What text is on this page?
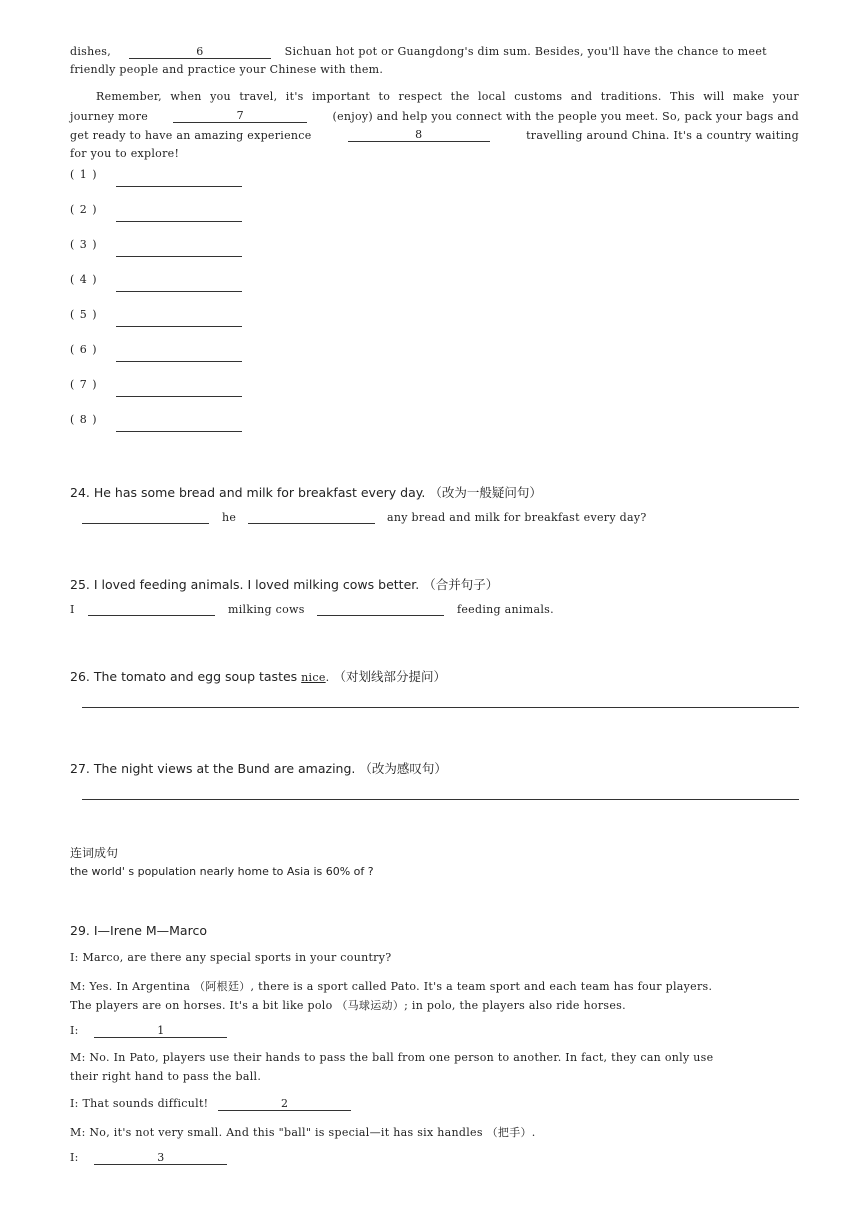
dishes,	6	Sichuan hot pot or Guangdong's dim sum. Besides, you'll have the chance to meet
friendly people and practice your Chinese with them.
Remember, when you travel, it's important to respect the local customs and traditions. This will make your
journey more	7	(enjoy) and help you connect with the people you meet. So, pack your bags and
get ready to have an amazing experience	8	travelling around China. It's a country waiting
for you to explore!
( 1 )
( 2 )
( 3 )
( 4 )
( 5 )
( 6 )
( 7 )
( 8 )
24. He has some bread and milk for breakfast every day. （改为一般疑问句）
he	any bread and milk for breakfast every day?
25. I loved feeding animals. I loved milking cows better. （合并句子）
I	milking cows	feeding animals.
26. The tomato and egg soup tastes nice. （对划线部分提问）
27. The night views at the Bund are amazing. （改为感叹句）
连词成句
the world' s population nearly home to Asia is 60% of ?
29. I—Irene M—Marco
I: Marco, are there any special sports in your country?
M: Yes. In Argentina （阿根廷）, there is a sport called Pato. It's a team sport and each team has four players.
The players are on horses. It's a bit like polo （马球运动）; in polo, the players also ride horses.
I:	1
M: No. In Pato, players use their hands to pass the ball from one person to another. In fact, they can only use
their right hand to pass the ball.
I: That sounds difficult!	2
M: No, it's not very small. And this "ball" is special—it has six handles （把手）.
I:	3
